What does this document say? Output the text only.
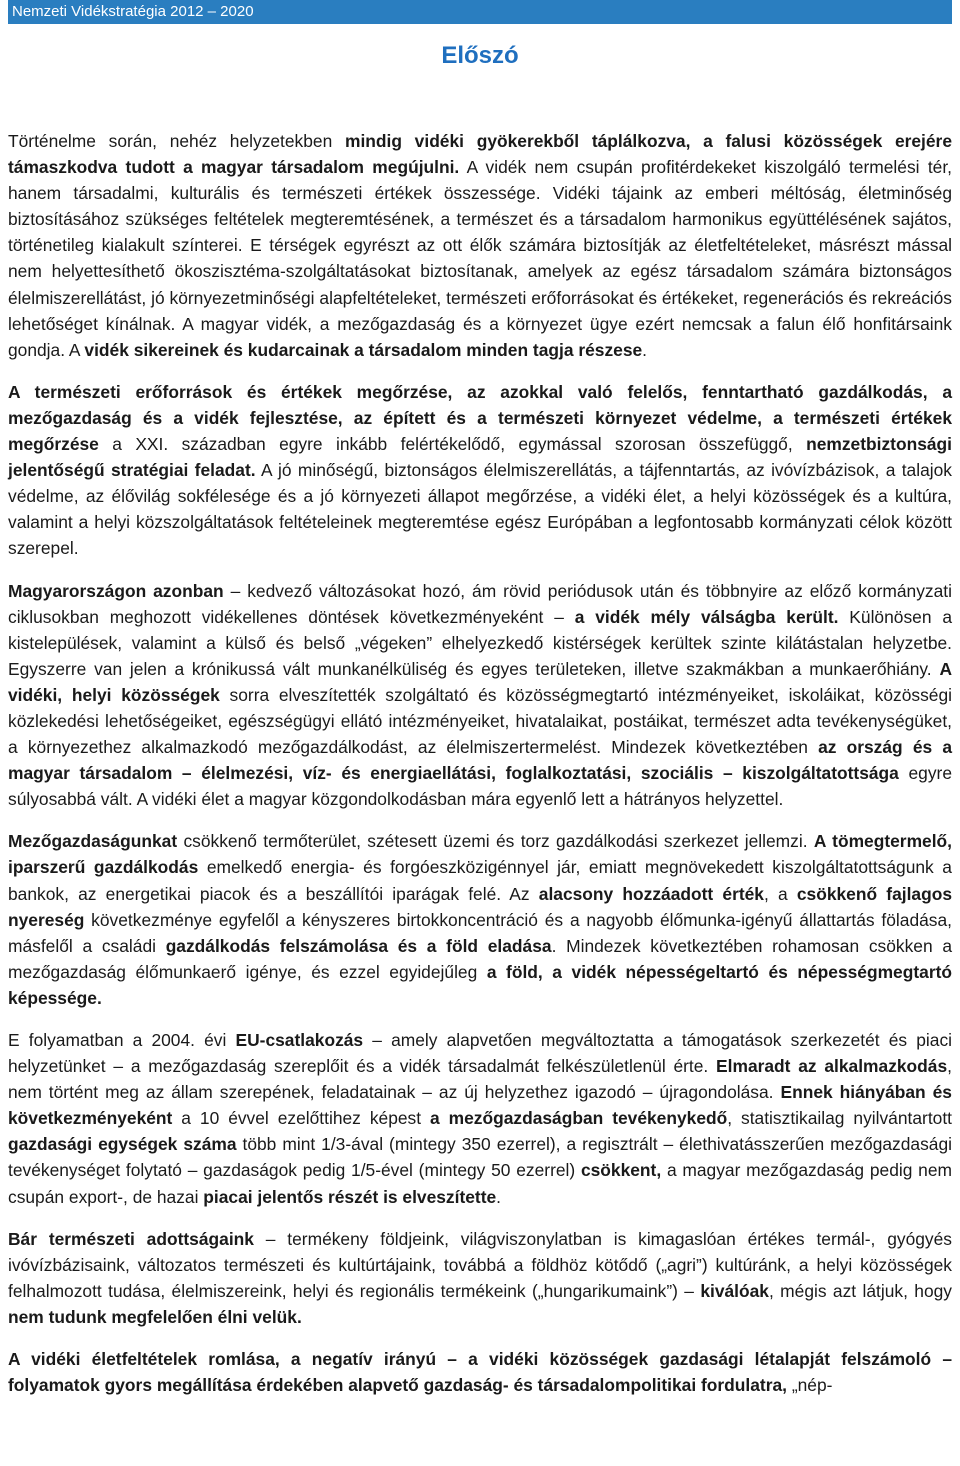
Nemzeti Vidékstratégia 2012 – 2020
Előszó

Történelme során, nehéz helyzetekben mindig vidéki gyökerekből táplálkozva, a falusi közösségek erejére támaszkodva tudott a magyar társadalom megújulni. A vidék nem csupán profitérdekeket kiszolgáló termelési tér, hanem társadalmi, kulturális és természeti értékek összessége. Vidéki tájaink az emberi méltóság, életminőség biztosításához szükséges feltételek megteremtésének, a természet és a társadalom harmonikus együttélésének sajátos, történetileg kialakult színterei. E térségek egyrészt az ott élők számára biztosítják az életfeltételeket, másrészt mással nem helyettesíthető ökoszisztéma-szolgáltatásokat biztosítanak, amelyek az egész társadalom számára biztonságos élelmiszerellátást, jó környezetminőségi alapfeltételeket, természeti erőforrásokat és értékeket, regenerációs és rekreációs lehetőséget kínálnak. A magyar vidék, a mezőgazdaság és a környezet ügye ezért nemcsak a falun élő honfitársaink gondja. A vidék sikereinek és kudarcainak a társadalom minden tagja részese.

A természeti erőforrások és értékek megőrzése, az azokkal való felelős, fenntartható gazdálkodás, a mezőgazdaság és a vidék fejlesztése, az épített és a természeti környezet védelme, a természeti értékek megőrzése a XXI. században egyre inkább felértékelődő, egymással szorosan összefüggő, nemzetbiztonsági jelentőségű stratégiai feladat. A jó minőségű, biztonságos élelmiszerellátás, a tájfenntartás, az ivóvízbázisok, a talajok védelme, az élővilág sokfélesége és a jó környezeti állapot megőrzése, a vidéki élet, a helyi közösségek és a kultúra, valamint a helyi közszolgáltatások feltételeinek megteremtése egész Európában a legfontosabb kormányzati célok között szerepel.

Magyarországon azonban – kedvező változásokat hozó, ám rövid periódusok után és többnyire az előző kormányzati ciklusokban meghozott vidékellenes döntések következményeként – a vidék mély válságba került. Különösen a kistelepülések, valamint a külső és belső „végeken” elhelyezkedő kistérségek kerültek szinte kilátástalan helyzetbe. Egyszerre van jelen a krónikussá vált munkanélküliség és egyes területeken, illetve szakmákban a munkaerőhiány. A vidéki, helyi közösségek sorra elveszítették szolgáltató és közösségmegtartó intézményeiket, iskoláikat, közösségi közlekedési lehetőségeiket, egészségügyi ellátó intézményeiket, hivatalaikat, postáikat, természet adta tevékenységüket, a környezethez alkalmazkodó mezőgazdálkodást, az élelmiszertermelést. Mindezek következtében az ország és a magyar társadalom – élelmezési, víz- és energiaellátási, foglalkoztatási, szociális – kiszolgáltatottsága egyre súlyosabbá vált. A vidéki élet a magyar közgondolkodásban mára egyenlő lett a hátrányos helyzettel.

Mezőgazdaságunkat csökkenő termőterület, szétesett üzemi és torz gazdálkodási szerkezet jellemzi. A tömegtermelő, iparszerű gazdálkodás emelkedő energia- és forgóeszközigénnyel jár, emiatt megnövekedett kiszolgáltatottságunk a bankok, az energetikai piacok és a beszállítói iparágak felé. Az alacsony hozzáadott érték, a csökkenő fajlagos nyereség következménye egyfelől a kényszeres birtokkoncentráció és a nagyobb élőmunka-igényű állattartás föladása, másfelől a családi gazdálkodás felszámolása és a föld eladása. Mindezek következtében rohamosan csökken a mezőgazdaság élőmunkaerő igénye, és ezzel egyidejűleg a föld, a vidék népességeltartó és népességmegtartó képessége.

E folyamatban a 2004. évi EU-csatlakozás – amely alapvetően megváltoztatta a támogatások szerkezetét és piaci helyzetünket – a mezőgazdaság szereplőit és a vidék társadalmát felkészületlenül érte. Elmaradt az alkalmazkodás, nem történt meg az állam szerepének, feladatainak – az új helyzethez igazodó – újragondolása. Ennek hiányában és következményeként a 10 évvel ezelőttihez képest a mezőgazdaságban tevékenykedő, statisztikailag nyilvántartott gazdasági egységek száma több mint 1/3-ával (mintegy 350 ezerrel), a regisztrált – élethivatásszerűen mezőgazdasági tevékenységet folytató – gazdaságok pedig 1/5-ével (mintegy 50 ezerrel) csökkent, a magyar mezőgazdaság pedig nem csupán export-, de hazai piacai jelentős részét is elveszítette.

Bár természeti adottságaink – termékeny földjeink, világviszonylatban is kimagaslóan értékes termál-, gyógyés ivóvízbázisaink, változatos természeti és kultúrtájaink, továbbá a földhöz kötődő („agri”) kultúránk, a helyi közösségek felhalmozott tudása, élelmiszereink, helyi és regionális termékeink („hungarikumaink”) – kiválóak, mégis azt látjuk, hogy nem tudunk megfelelően élni velük.

A vidéki életfeltételek romlása, a negatív irányú – a vidéki közösségek gazdasági létalapját felszámoló – folyamatok gyors megállítása érdekében alapvető gazdaság- és társadalompolitikai fordulatra, „nép-
